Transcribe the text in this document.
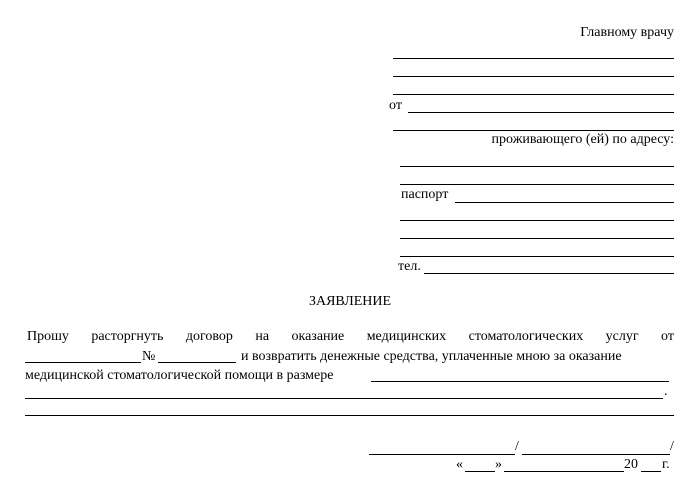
Главному врачу
от
проживающего (ей) по адресу:
паспорт
тел.
ЗАЯВЛЕНИЕ
Прошу расторгнуть договор на оказание медицинских стоматологических услуг от
№	и возвратить денежные средства, уплаченные мною за оказание
медицинской стоматологической помощи в размере
.
/	/
« »	20 г.
